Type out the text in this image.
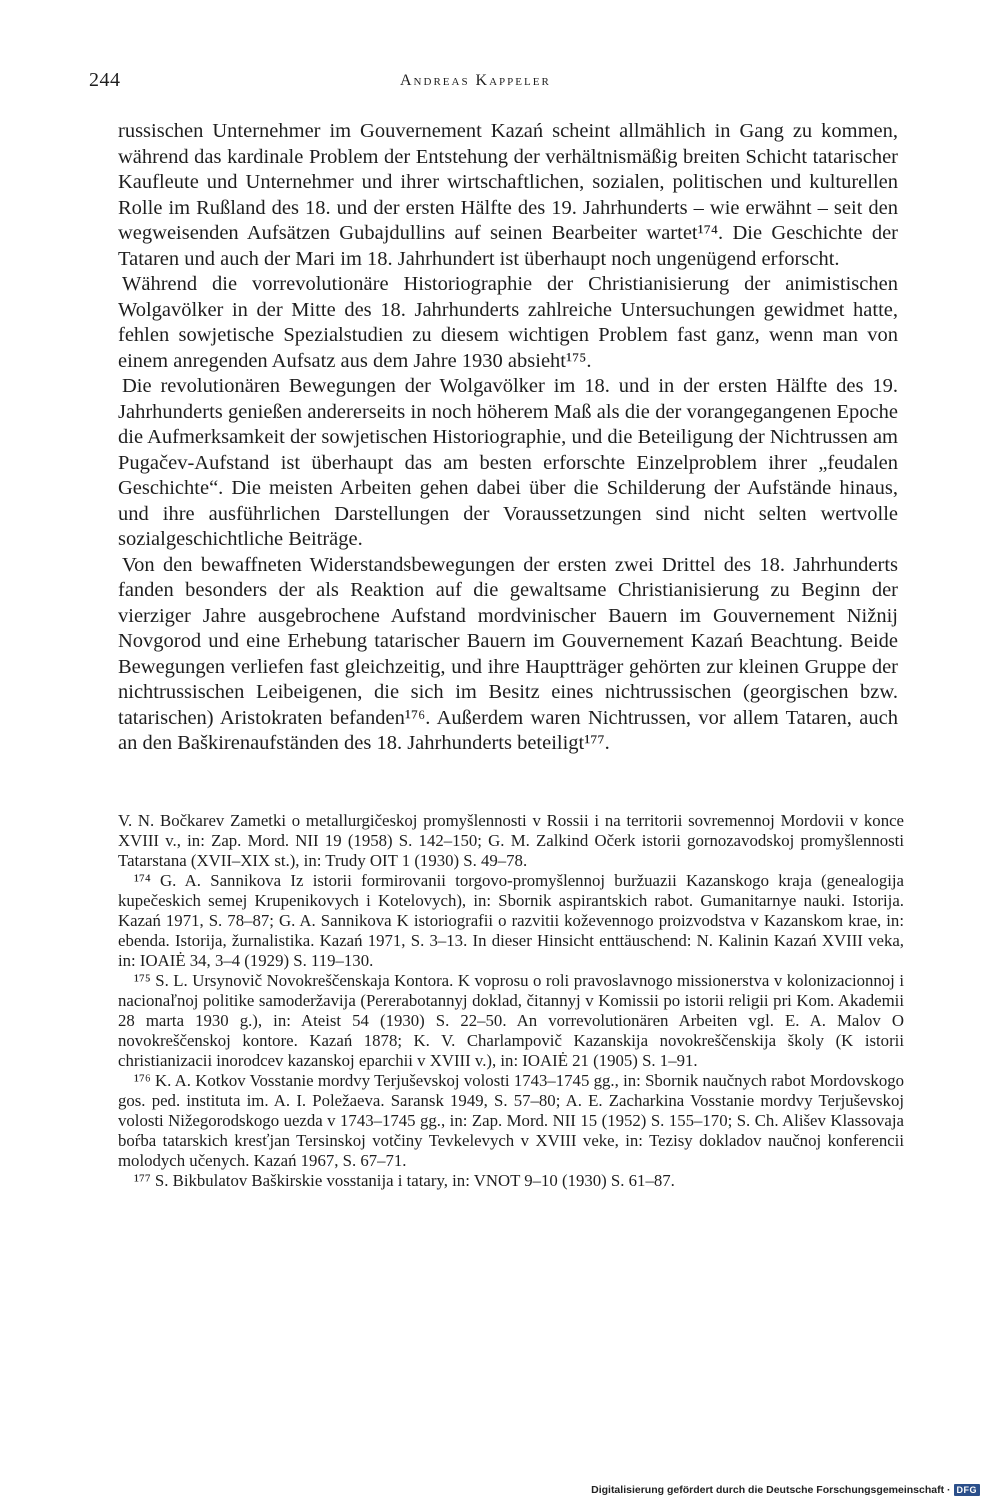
244	Andreas Kappeler

russischen Unternehmer im Gouvernement Kazań scheint allmählich in Gang zu kommen, während das kardinale Problem der Entstehung der verhältnismäßig breiten Schicht tatarischer Kaufleute und Unternehmer und ihrer wirtschaftlichen, sozialen, politischen und kulturellen Rolle im Rußland des 18. und der ersten Hälfte des 19. Jahrhunderts – wie erwähnt – seit den wegweisenden Aufsätzen Gubajdullins auf seinen Bearbeiter wartet¹⁷⁴. Die Geschichte der Tataren und auch der Mari im 18. Jahrhundert ist überhaupt noch ungenügend erforscht.

Während die vorrevolutionäre Historiographie der Christianisierung der animistischen Wolgavölker in der Mitte des 18. Jahrhunderts zahlreiche Untersuchungen gewidmet hatte, fehlen sowjetische Spezialstudien zu diesem wichtigen Problem fast ganz, wenn man von einem anregenden Aufsatz aus dem Jahre 1930 absieht¹⁷⁵.

Die revolutionären Bewegungen der Wolgavölker im 18. und in der ersten Hälfte des 19. Jahrhunderts genießen andererseits in noch höherem Maß als die der vorangegangenen Epoche die Aufmerksamkeit der sowjetischen Historiographie, und die Beteiligung der Nichtrussen am Pugačev-Aufstand ist überhaupt das am besten erforschte Einzelproblem ihrer „feudalen Geschichte“. Die meisten Arbeiten gehen dabei über die Schilderung der Aufstände hinaus, und ihre ausführlichen Darstellungen der Voraussetzungen sind nicht selten wertvolle sozialgeschichtliche Beiträge.

Von den bewaffneten Widerstandsbewegungen der ersten zwei Drittel des 18. Jahrhunderts fanden besonders der als Reaktion auf die gewaltsame Christianisierung zu Beginn der vierziger Jahre ausgebrochene Aufstand mordvinischer Bauern im Gouvernement Nižnij Novgorod und eine Erhebung tatarischer Bauern im Gouvernement Kazań Beachtung. Beide Bewegungen verliefen fast gleichzeitig, und ihre Hauptträger gehörten zur kleinen Gruppe der nichtrussischen Leibeigenen, die sich im Besitz eines nichtrussischen (georgischen bzw. tatarischen) Aristokraten befanden¹⁷⁶. Außerdem waren Nichtrussen, vor allem Tataren, auch an den Baškirenaufständen des 18. Jahrhunderts beteiligt¹⁷⁷.

V. N. Bočkarev Zametki o metallurgičeskoj promyšlennosti v Rossii i na territorii sovremennoj Mordovii v konce XVIII v., in: Zap. Mord. NII 19 (1958) S. 142–150; G. M. Zalkind Očerk istorii gornozavodskoj promyšlennosti Tatarstana (XVII–XIX st.), in: Trudy OIT 1 (1930) S. 49–78.

¹⁷⁴ G. A. Sannikova Iz istorii formirovanii torgovo-promyšlennoj buržuazii Kazanskogo kraja (genealogija kupečeskich semej Krupenikovych i Kotelovych), in: Sbornik aspirantskich rabot. Gumanitarnye nauki. Istorija. Kazań 1971, S. 78–87; G. A. Sannikova K istoriografii o razvitii koževennogo proizvodstva v Kazanskom krae, in: ebenda. Istorija, žurnalistika. Kazań 1971, S. 3–13. In dieser Hinsicht enttäuschend: N. Kalinin Kazań XVIII veka, in: IOAIĖ 34, 3–4 (1929) S. 119–130.

¹⁷⁵ S. L. Ursynovič Novokreščenskaja Kontora. K voprosu o roli pravoslavnogo missionerstva v kolonizacionnoj i nacionaľnoj politike samoderžavija (Pererabotannyj doklad, čitannyj v Komissii po istorii religii pri Kom. Akademii 28 marta 1930 g.), in: Ateist 54 (1930) S. 22–50. An vorrevolutionären Arbeiten vgl. E. A. Malov O novokreščenskoj kontore. Kazań 1878; K. V. Charlampovič Kazanskija novokreščenskija školy (K istorii christianizacii inorodcev kazanskoj eparchii v XVIII v.), in: IOAIĖ 21 (1905) S. 1–91.

¹⁷⁶ K. A. Kotkov Vosstanie mordvy Terjuševskoj volosti 1743–1745 gg., in: Sbornik naučnych rabot Mordovskogo gos. ped. instituta im. A. I. Poležaeva. Saransk 1949, S. 57–80; A. E. Zacharkina Vosstanie mordvy Terjuševskoj volosti Nižegorodskogo uezda v 1743–1745 gg., in: Zap. Mord. NII 15 (1952) S. 155–170; S. Ch. Ališev Klassovaja boŕba tatarskich kresťjan Tersinskoj votčiny Tevkelevych v XVIII veke, in: Tezisy dokladov naučnoj konferencii molodych učenych. Kazań 1967, S. 67–71.

¹⁷⁷ S. Bikbulatov Baškirskie vosstanija i tatary, in: VNOT 9–10 (1930) S. 61–87.

Digitalisierung gefördert durch die Deutsche Forschungsgemeinschaft · DFG
